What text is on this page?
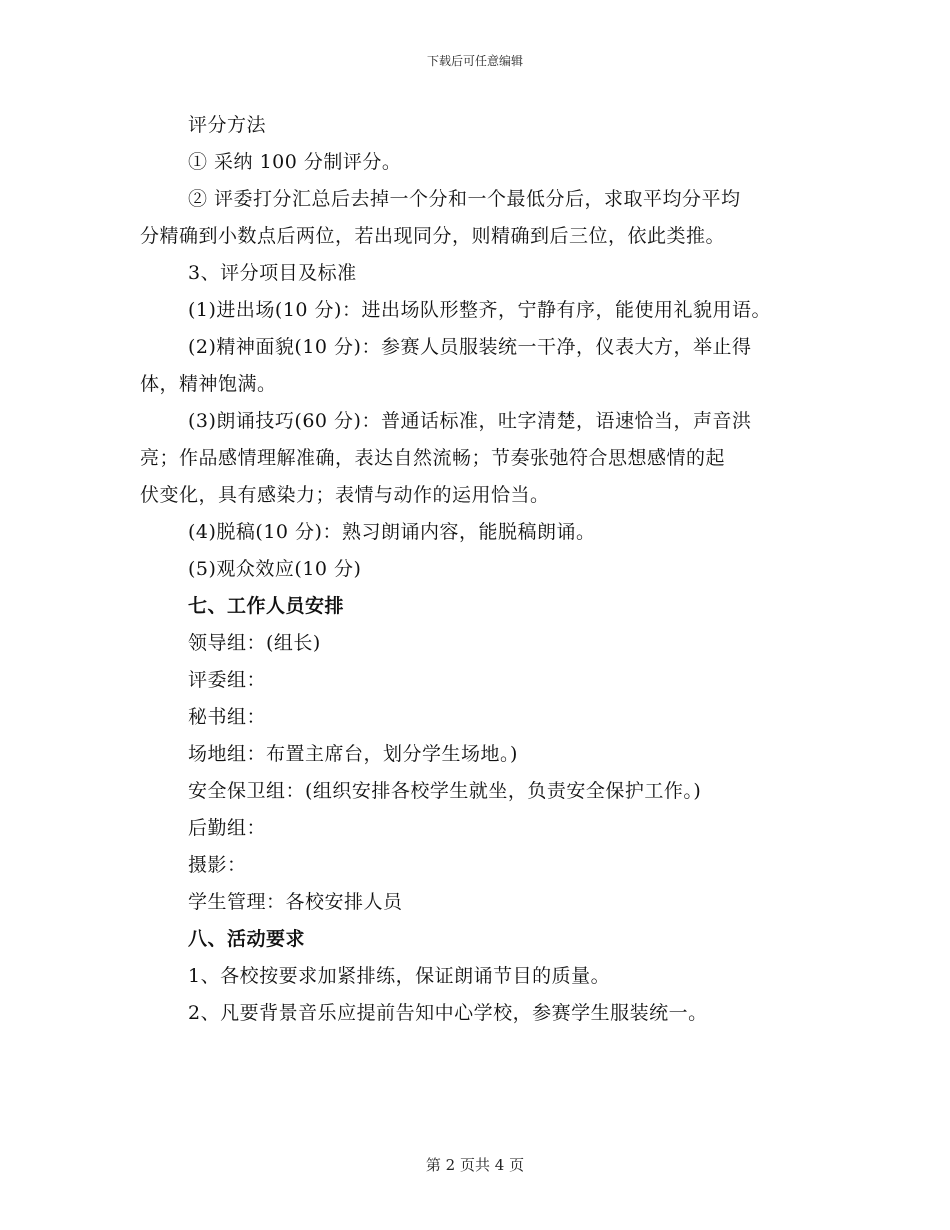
下载后可任意编辑
评分方法
① 采纳 100 分制评分。
② 评委打分汇总后去掉一个分和一个最低分后，求取平均分平均
分精确到小数点后两位，若出现同分，则精确到后三位，依此类推。
3、评分项目及标准
(1)进出场(10 分)：进出场队形整齐，宁静有序，能使用礼貌用语。
(2)精神面貌(10 分)：参赛人员服装统一干净，仪表大方，举止得
体，精神饱满。
(3)朗诵技巧(60 分)：普通话标准，吐字清楚，语速恰当，声音洪
亮；作品感情理解准确，表达自然流畅；节奏张弛符合思想感情的起
伏变化，具有感染力；表情与动作的运用恰当。
(4)脱稿(10 分)：熟习朗诵内容，能脱稿朗诵。
(5)观众效应(10 分)
七、工作人员安排
领导组：(组长)
评委组：
秘书组：
场地组：布置主席台，划分学生场地。)
安全保卫组：(组织安排各校学生就坐，负责安全保护工作。)
后勤组：
摄影：
学生管理：各校安排人员
八、活动要求
1、各校按要求加紧排练，保证朗诵节目的质量。
2、凡要背景音乐应提前告知中心学校，参赛学生服装统一。
第 2 页共 4 页
